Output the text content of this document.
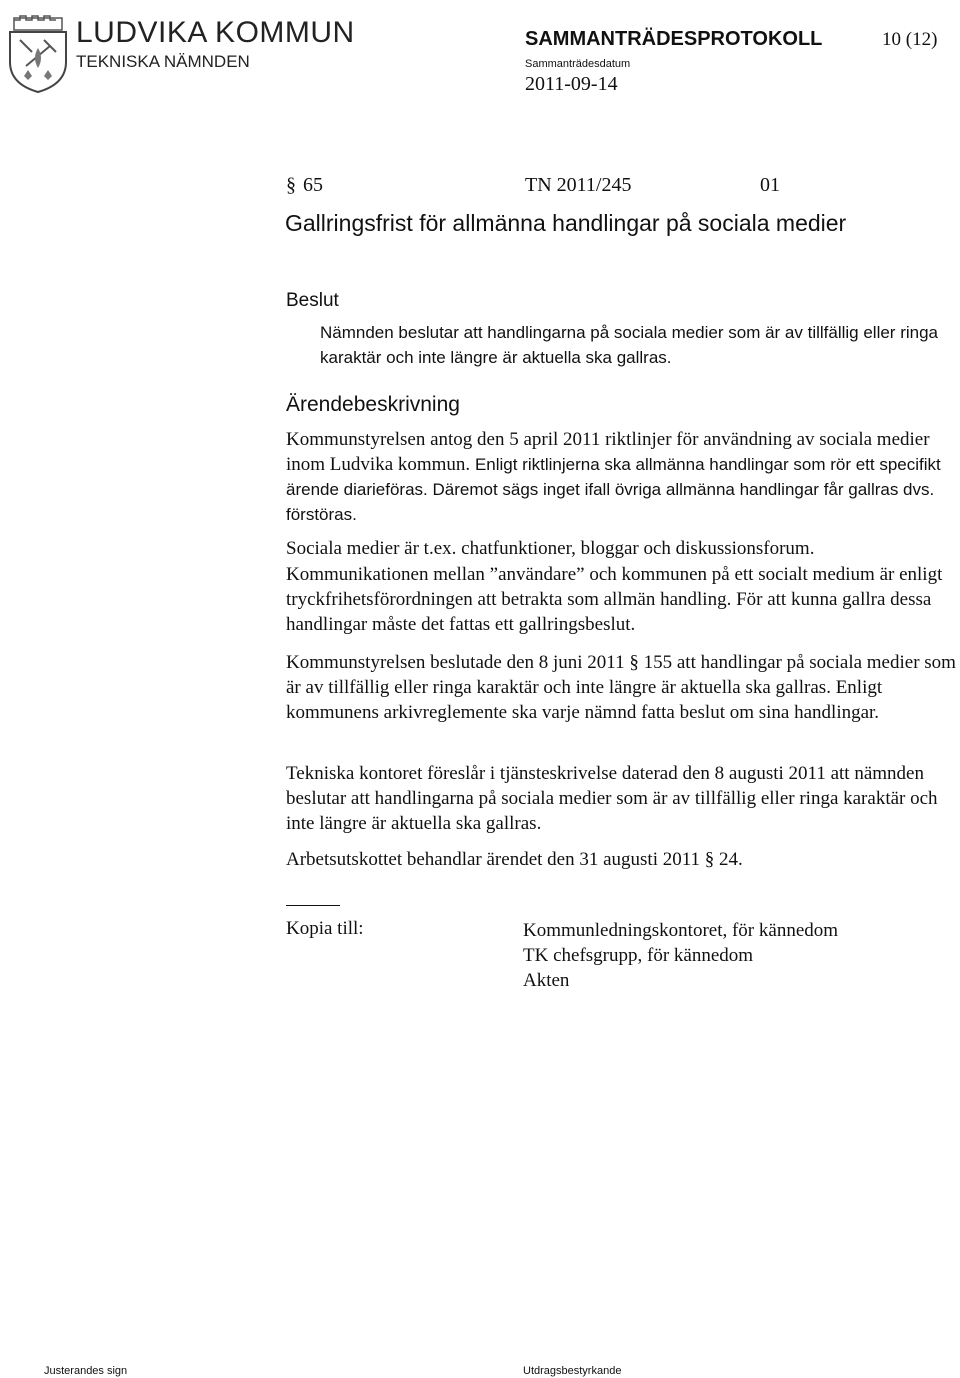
LUDVIKA KOMMUN
TEKNISKA NÄMNDEN
SAMMANTRÄDESPROTOKOLL	10 (12)
Sammanträdesdatum
2011-09-14
§ 65	TN 2011/245	01
Gallringsfrist för allmänna handlingar på sociala medier
Beslut
Nämnden beslutar att handlingarna på sociala medier som är av tillfällig eller ringa karaktär och inte längre är aktuella ska gallras.
Ärendebeskrivning
Kommunstyrelsen antog den 5 april 2011 riktlinjer för användning av sociala medier inom Ludvika kommun. Enligt riktlinjerna ska allmänna handlingar som rör ett specifikt ärende diarieföras. Däremot sägs inget ifall övriga allmänna handlingar får gallras dvs. förstöras.
Sociala medier är t.ex. chatfunktioner, bloggar och diskussionsforum.
Kommunikationen mellan ”användare” och kommunen på ett socialt medium är enligt tryckfrihetsförordningen att betrakta som allmän handling. För att kunna gallra dessa handlingar måste det fattas ett gallringsbeslut.
Kommunstyrelsen beslutade den 8 juni 2011 § 155 att handlingar på sociala medier som är av tillfällig eller ringa karaktär och inte längre är aktuella ska gallras. Enligt kommunens arkivreglemente ska varje nämnd fatta beslut om sina handlingar.
Tekniska kontoret föreslår i tjänsteskrivelse daterad den 8 augusti 2011 att nämnden beslutar att handlingarna på sociala medier som är av tillfällig eller ringa karaktär och inte längre är aktuella ska gallras.
Arbetsutskottet behandlar ärendet den 31 augusti 2011 § 24.
Kopia till:	Kommunledningskontoret, för kännedom
TK chefsgrupp, för kännedom
Akten
Justerandes sign	Utdragsbestyrkande
